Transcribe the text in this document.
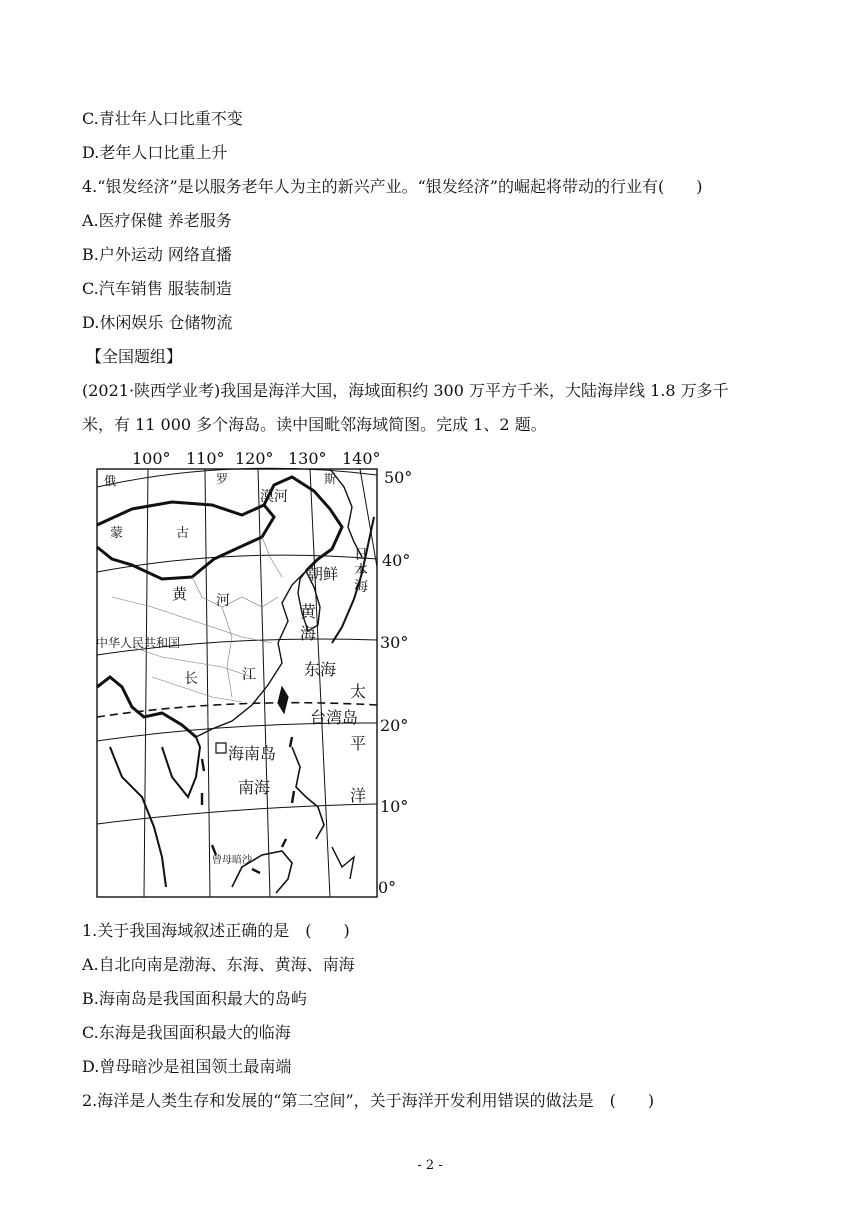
C.青壮年人口比重不变
D.老年人口比重上升
4.“银发经济”是以服务老年人为主的新兴产业。“银发经济”的崛起将带动的行业有(　　)
A.医疗保健 养老服务
B.户外运动 网络直播
C.汽车销售 服装制造
D.休闲娱乐 仓储物流
【全国题组】
(2021·陕西学业考)我国是海洋大国，海域面积约 300 万平方千米，大陆海岸线 1.8 万多千
米，有 11 000 多个海岛。读中国毗邻海域简图。完成 1、2 题。
100° 110° 120° 130° 140°
50°
40°
30°
20°
10°
0°
俄	罗	斯
漠河
蒙	古
日
本
海
朝鲜
黄 河
黄
海
中华人民共和国
长	江	东海
太
台湾岛
平
海南岛
南海	洋
曾母暗沙
1.关于我国海域叙述正确的是　(　　)
A.自北向南是渤海、东海、黄海、南海
B.海南岛是我国面积最大的岛屿
C.东海是我国面积最大的临海
D.曾母暗沙是祖国领土最南端
2.海洋是人类生存和发展的“第二空间”，关于海洋开发利用错误的做法是　(　　)
- 2 -
